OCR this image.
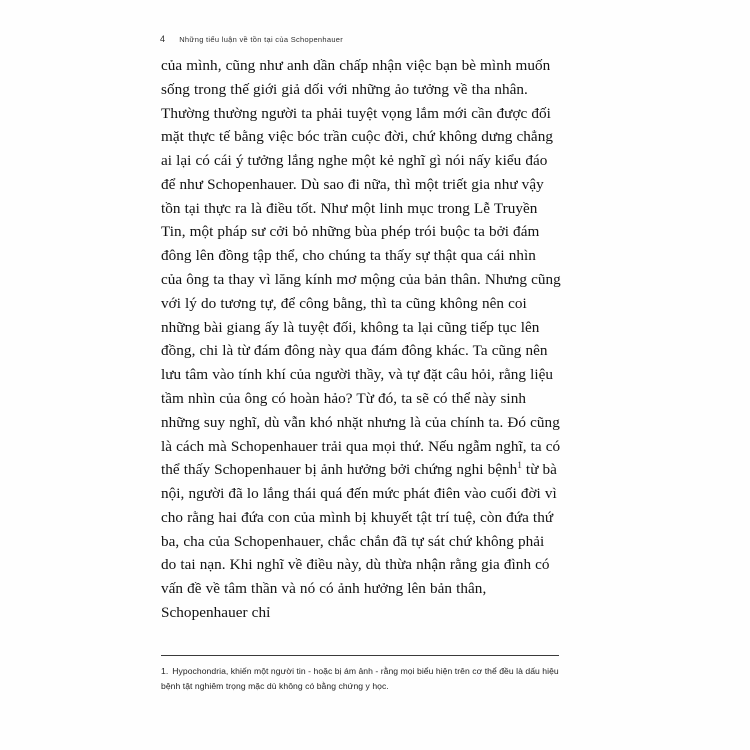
4 Những tiểu luận về tồn tại của Schopenhauer

của mình, cũng như anh dần chấp nhận việc bạn bè mình muốn sống trong thế giới giả dối với những ảo tưởng về tha nhân. Thường thường người ta phải tuyệt vọng lắm mới cần được đối mặt thực tế bằng việc bóc trần cuộc đời, chứ không dưng chẳng ai lại có cái ý tưởng lắng nghe một kẻ nghĩ gì nói nấy kiểu đáo để như Schopenhauer. Dù sao đi nữa, thì một triết gia như vậy tồn tại thực ra là điều tốt. Như một linh mục trong Lễ Truyền Tin, một pháp sư cởi bỏ những bùa phép trói buộc ta bởi đám đông lên đồng tập thể, cho chúng ta thấy sự thật qua cái nhìn của ông ta thay vì lăng kính mơ mộng của bản thân. Nhưng cũng với lý do tương tự, để công bằng, thì ta cũng không nên coi những bài giang ấy là tuyệt đối, không ta lại cũng tiếp tục lên đồng, chi là từ đám đông này qua đám đông khác. Ta cũng nên lưu tâm vào tính khí của người thầy, và tự đặt câu hỏi, rằng liệu tầm nhìn của ông có hoàn hảo? Từ đó, ta sẽ có thể này sinh những suy nghĩ, dù vẫn khó nhặt nhưng là của chính ta. Đó cũng là cách mà Schopenhauer trải qua mọi thứ. Nếu ngẫm nghĩ, ta có thể thấy Schopenhauer bị ảnh hưởng bởi chứng nghi bệnh$^1$ từ bà nội, người đã lo lắng thái quá đến mức phát điên vào cuối đời vì cho rằng hai đứa con của mình bị khuyết tật trí tuệ, còn đứa thứ ba, cha của Schopenhauer, chắc chắn đã tự sát chứ không phải do tai nạn. Khi nghĩ về điều này, dù thừa nhận rằng gia đình có vấn đề về tâm thần và nó có ảnh hưởng lên bản thân, Schopenhauer chỉ

1. Hypochondria, khiến một người tin - hoặc bị ám ảnh - rằng mọi biểu hiện trên cơ thể đều là dấu hiệu bệnh tật nghiêm trọng mặc dù không có bằng chứng y học.
